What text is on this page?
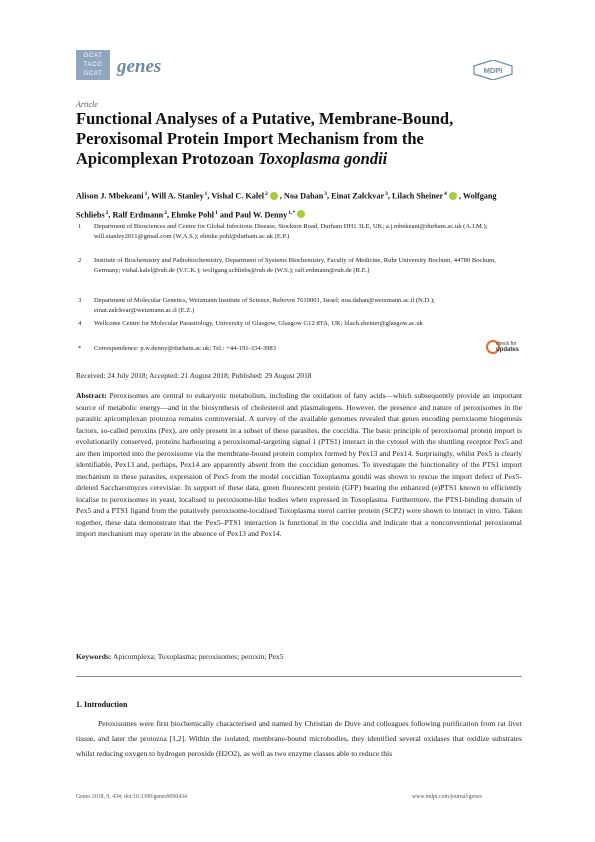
GCAT
TACG
GCAT genes	MDPI
Article
Functional Analyses of a Putative, Membrane-Bound, Peroxisomal Protein Import Mechanism from the Apicomplexan Protozoan Toxoplasma gondii
Alison J. Mbekeani$^1$, Will A. Stanley$^1$, Vishal C. Kalel$^2$ , Noa Dahan$^3$, Einat Zalckvar$^3$, Lilach Sheiner$^4$ , Wolfgang Schliebs$^2$, Ralf Erdmann$^2$, Ehmke Pohl$^1$ and Paul W. Denny$^{1,*}$
1 Department of Biosciences and Centre for Global Infectious Disease, Stockton Road, Durham DH1 3LE, UK; a.j.mbekeani@durham.ac.uk (A.J.M.); will.stanley2011@gmail.com (W.A.S.); ehmke.pohl@durham.ac.uk (E.P.)
2 Institute of Biochemistry and Pathobiochemistry, Department of Systems Biochemistry, Faculty of Medicine, Ruhr University Bochum, 44780 Bochum, Germany; vishal.kalel@rub.de (V.C.K.); wolfgang.schliebs@rub.de (W.S.); ralf.erdmann@rub.de (R.E.)
3 Department of Molecular Genetics, Weizmann Institute of Science, Rehovot 7610001, Israel; noa.dahan@weizmann.ac.il (N.D.); einat.zalckvar@weizmann.ac.il (E.Z.)
4 Wellcome Centre for Molecular Parasitology, University of Glasgow, Glasgow G12 8TA, UK; lilach.sheiner@glasgow.ac.uk
* Correspondence: p.w.denny@durham.ac.uk; Tel.: +44-191-334-3983
check for
updates
Received: 24 July 2018; Accepted: 21 August 2018; Published: 29 August 2018
Abstract: Peroxisomes are central to eukaryotic metabolism, including the oxidation of fatty acids—which subsequently provide an important source of metabolic energy—and in the biosynthesis of cholesterol and plasmalogens. However, the presence and nature of peroxisomes in the parasitic apicomplexan protozoa remains controversial. A survey of the available genomes revealed that genes encoding peroxisome biogenesis factors, so-called peroxins (Pex), are only present in a subset of these parasites, the coccidia. The basic principle of peroxisomal protein import is evolutionarily conserved, proteins harbouring a peroxisomal-targeting signal 1 (PTS1) interact in the cytosol with the shuttling receptor Pex5 and are then imported into the peroxisome via the membrane-bound protein complex formed by Pex13 and Pex14. Surprisingly, whilst Pex5 is clearly identifiable, Pex13 and, perhaps, Pex14 are apparently absent from the coccidian genomes. To investigate the functionality of the PTS1 import mechanism in these parasites, expression of Pex5 from the model coccidian Toxoplasma gondii was shown to rescue the import defect of Pex5-deleted Saccharomyces cerevisiae. In support of these data, green fluorescent protein (GFP) bearing the enhanced (e)PTS1 known to efficiently localise to peroxisomes in yeast, localised to peroxisome-like bodies when expressed in Toxoplasma. Furthermore, the PTS1-binding domain of Pex5 and a PTS1 ligand from the putatively peroxisome-localised Toxoplasma sterol carrier protein (SCP2) were shown to interact in vitro. Taken together, these data demonstrate that the Pex5–PTS1 interaction is functional in the coccidia and indicate that a nonconventional peroxisomal import mechanism may operate in the absence of Pex13 and Pex14.
Keywords: Apicomplexa; Toxoplasma; peroxisomes; peroxin; Pex5
1. Introduction
Peroxisomes were first biochemically characterised and named by Christian de Duve and colleagues following purification from rat liver tissue, and later the protozoa [1,2]. Within the isolated, membrane-bound microbodies, they identified several oxidases that oxidize substrates whilst reducing oxygen to hydrogen peroxide (H2O2), as well as two enzyme classes able to reduce this
Genes 2018, 9, 434; doi:10.3390/genes9090434	www.mdpi.com/journal/genes
